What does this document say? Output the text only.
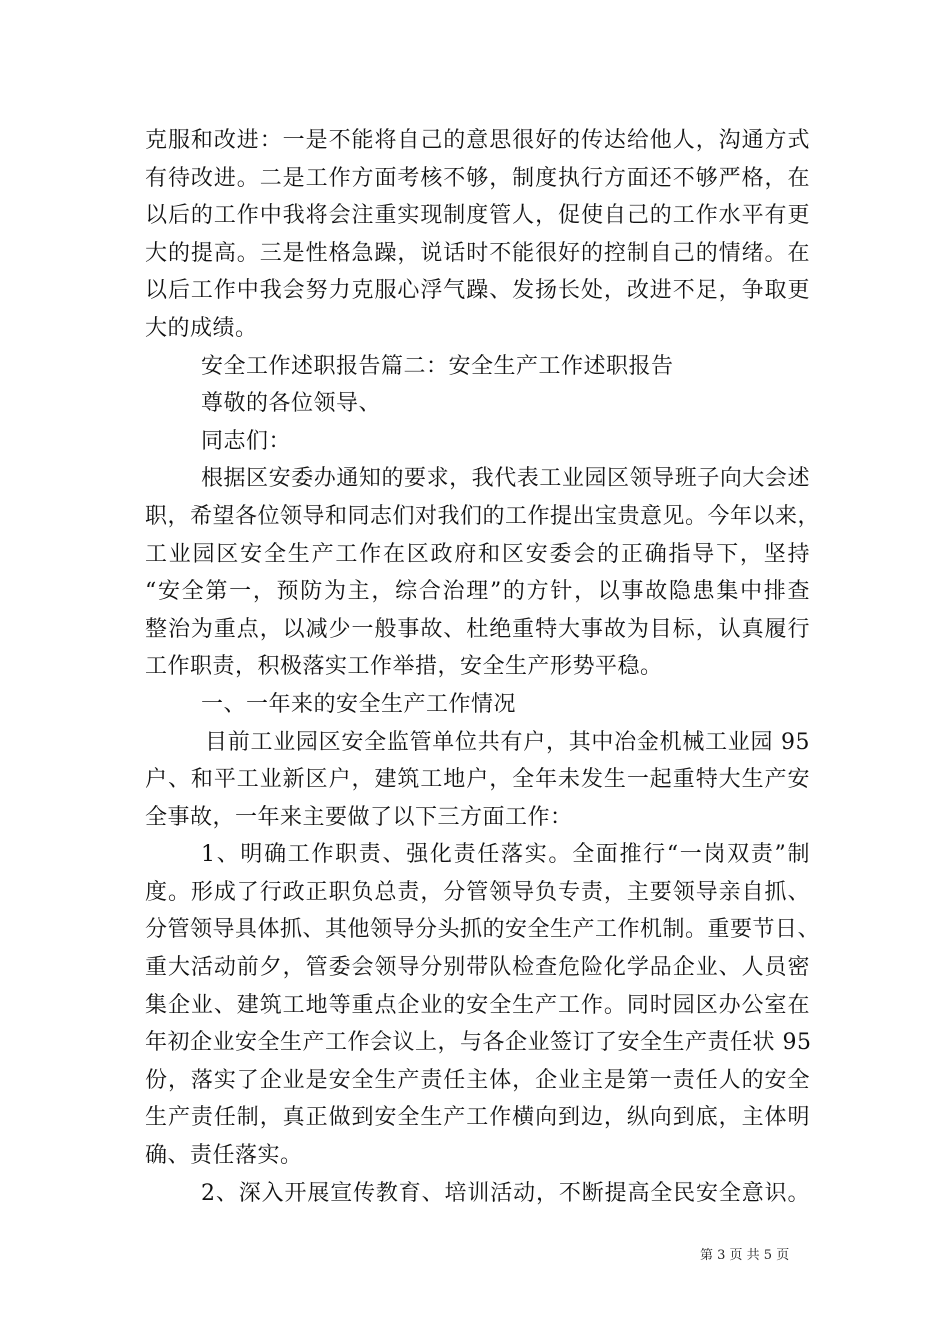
克服和改进：一是不能将自己的意思很好的传达给他人，沟通方式
有待改进。二是工作方面考核不够，制度执行方面还不够严格，在
以后的工作中我将会注重实现制度管人，促使自己的工作水平有更
大的提高。三是性格急躁，说话时不能很好的控制自己的情绪。在
以后工作中我会努力克服心浮气躁、发扬长处，改进不足，争取更
大的成绩。
安全工作述职报告篇二：安全生产工作述职报告
尊敬的各位领导、
同志们：
根据区安委办通知的要求，我代表工业园区领导班子向大会述
职，希望各位领导和同志们对我们的工作提出宝贵意见。今年以来，
工业园区安全生产工作在区政府和区安委会的正确指导下，坚持
“安全第一，预防为主，综合治理”的方针，以事故隐患集中排查
整治为重点，以减少一般事故、杜绝重特大事故为目标，认真履行
工作职责，积极落实工作举措，安全生产形势平稳。
一、一年来的安全生产工作情况
目前工业园区安全监管单位共有户，其中冶金机械工业园 95
户、和平工业新区户，建筑工地户，全年未发生一起重特大生产安
全事故，一年来主要做了以下三方面工作：
1、明确工作职责、强化责任落实。全面推行“一岗双责”制
度。形成了行政正职负总责，分管领导负专责，主要领导亲自抓、
分管领导具体抓、其他领导分头抓的安全生产工作机制。重要节日、
重大活动前夕，管委会领导分别带队检查危险化学品企业、人员密
集企业、建筑工地等重点企业的安全生产工作。同时园区办公室在
年初企业安全生产工作会议上，与各企业签订了安全生产责任状 95
份，落实了企业是安全生产责任主体，企业主是第一责任人的安全
生产责任制，真正做到安全生产工作横向到边，纵向到底，主体明
确、责任落实。
2、深入开展宣传教育、培训活动，不断提高全民安全意识。
第 3 页 共 5 页
